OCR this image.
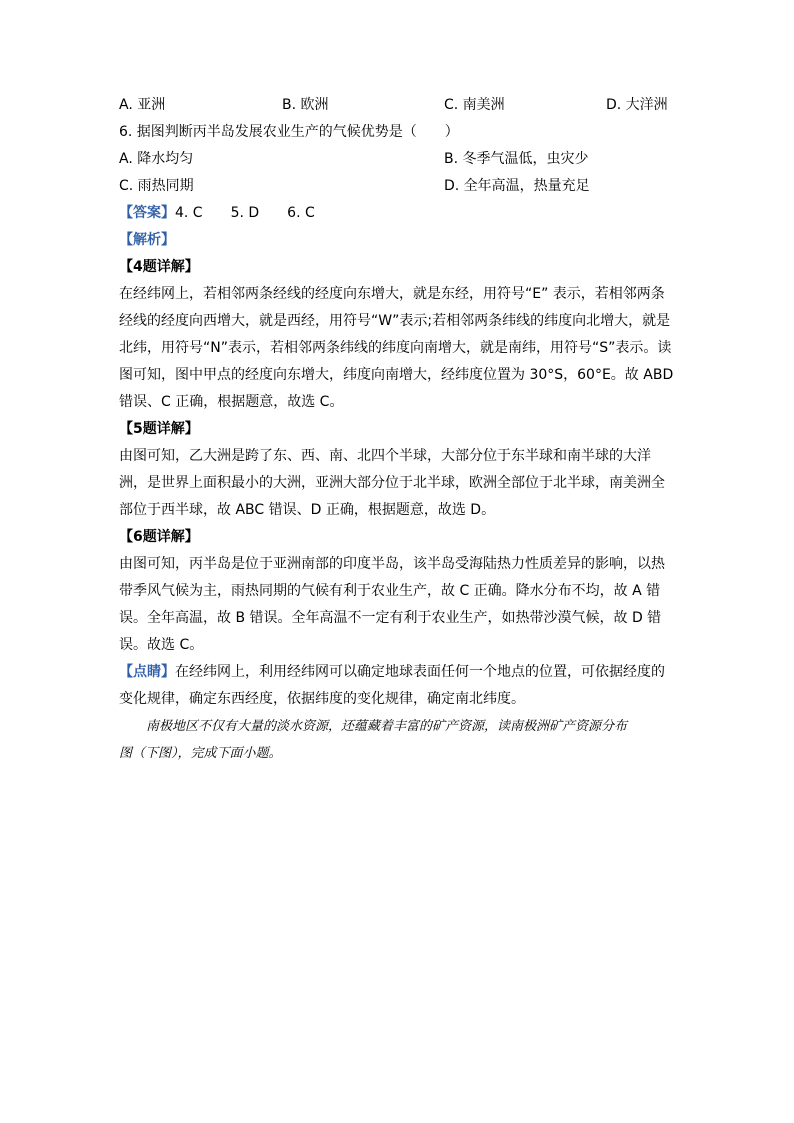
A. 亚洲	B. 欧洲	C. 南美洲	D. 大洋洲
6. 据图判断丙半岛发展农业生产的气候优势是（　　）
A. 降水均匀	B. 冬季气温低，虫灾少
C. 雨热同期	D. 全年高温，热量充足
【答案】4. C　　5. D　　6. C
【解析】
【4题详解】
在经纬网上，若相邻两条经线的经度向东增大，就是东经，用符号“E” 表示，若相邻两条
经线的经度向西增大，就是西经，用符号“W”表示;若相邻两条纬线的纬度向北增大，就是
北纬，用符号“N”表示，若相邻两条纬线的纬度向南增大，就是南纬，用符号“S”表示。读
图可知，图中甲点的经度向东增大，纬度向南增大，经纬度位置为 30°S，60°E。故 ABD
错误、C 正确，根据题意，故选 C。
【5题详解】
由图可知，乙大洲是跨了东、西、南、北四个半球，大部分位于东半球和南半球的大洋
洲，是世界上面积最小的大洲，亚洲大部分位于北半球，欧洲全部位于北半球，南美洲全
部位于西半球，故 ABC 错误、D 正确，根据题意，故选 D。
【6题详解】
由图可知，丙半岛是位于亚洲南部的印度半岛，该半岛受海陆热力性质差异的影响，以热
带季风气候为主，雨热同期的气候有利于农业生产，故 C 正确。降水分布不均，故 A 错
误。全年高温，故 B 错误。全年高温不一定有利于农业生产，如热带沙漠气候，故 D 错
误。故选 C。
【点睛】在经纬网上，利用经纬网可以确定地球表面任何一个地点的位置，可依据经度的
变化规律，确定东西经度，依据纬度的变化规律，确定南北纬度。
南极地区不仅有大量的淡水资源，还蕴藏着丰富的矿产资源，读南极洲矿产资源分布
图（下图），完成下面小题。
